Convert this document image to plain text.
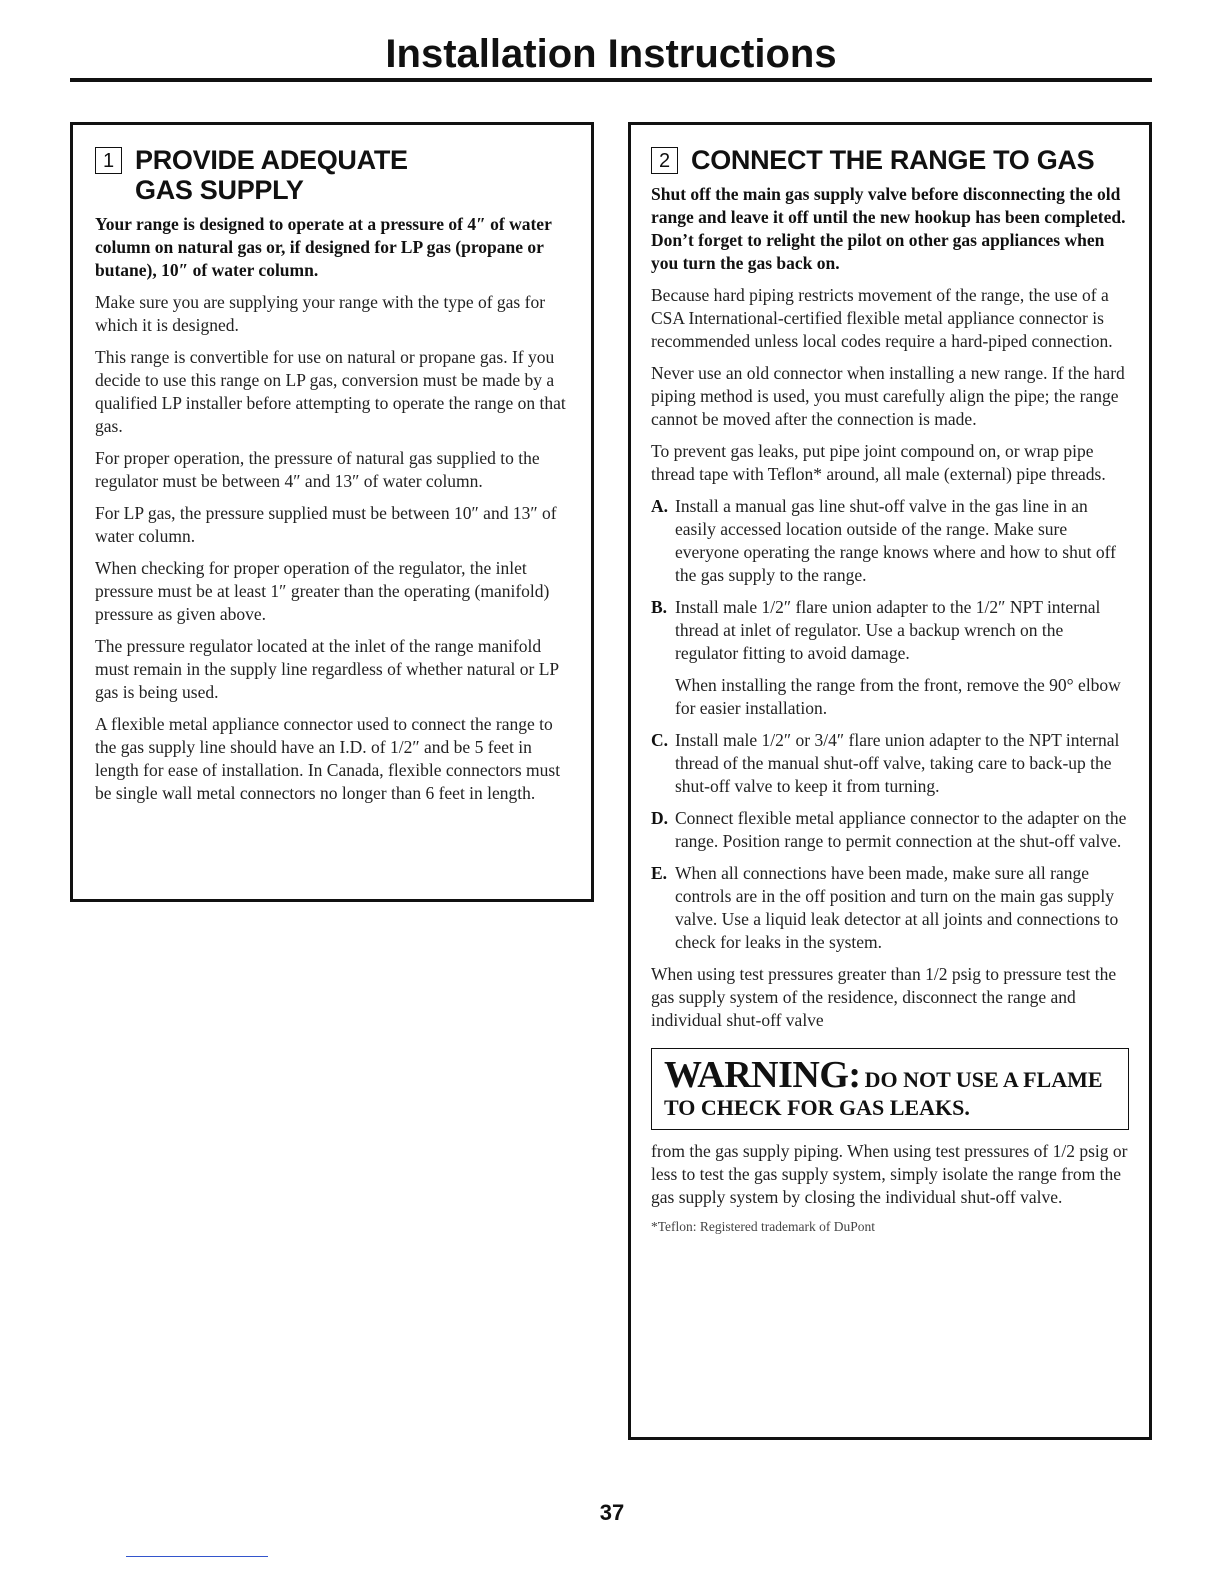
Installation Instructions
1 PROVIDE ADEQUATE
GAS SUPPLY

Your range is designed to operate at a pressure of 4″ of water column on natural gas or, if designed for LP gas (propane or butane), 10″ of water column.

Make sure you are supplying your range with the type of gas for which it is designed.

This range is convertible for use on natural or propane gas. If you decide to use this range on LP gas, conversion must be made by a qualified LP installer before attempting to operate the range on that gas.

For proper operation, the pressure of natural gas supplied to the regulator must be between 4″ and 13″ of water column.

For LP gas, the pressure supplied must be between 10″ and 13″ of water column.

When checking for proper operation of the regulator, the inlet pressure must be at least 1″ greater than the operating (manifold) pressure as given above.

The pressure regulator located at the inlet of the range manifold must remain in the supply line regardless of whether natural or LP gas is being used.

A flexible metal appliance connector used to connect the range to the gas supply line should have an I.D. of 1/2″ and be 5 feet in length for ease of installation. In Canada, flexible connectors must be single wall metal connectors no longer than 6 feet in length.

2 CONNECT THE RANGE TO GAS

Shut off the main gas supply valve before disconnecting the old range and leave it off until the new hookup has been completed. Don’t forget to relight the pilot on other gas appliances when you turn the gas back on.

Because hard piping restricts movement of the range, the use of a CSA International-certified flexible metal appliance connector is recommended unless local codes require a hard-piped connection.

Never use an old connector when installing a new range. If the hard piping method is used, you must carefully align the pipe; the range cannot be moved after the connection is made.

To prevent gas leaks, put pipe joint compound on, or wrap pipe thread tape with Teflon* around, all male (external) pipe threads.

A. Install a manual gas line shut-off valve in the gas line in an easily accessed location outside of the range. Make sure everyone operating the range knows where and how to shut off the gas supply to the range.
B. Install male 1/2″ flare union adapter to the 1/2″ NPT internal thread at inlet of regulator. Use a backup wrench on the regulator fitting to avoid damage.
When installing the range from the front, remove the 90° elbow for easier installation.
C. Install male 1/2″ or 3/4″ flare union adapter to the NPT internal thread of the manual shut-off valve, taking care to back-up the shut-off valve to keep it from turning.
D. Connect flexible metal appliance connector to the adapter on the range. Position range to permit connection at the shut-off valve.
E. When all connections have been made, make sure all range controls are in the off position and turn on the main gas supply valve. Use a liquid leak detector at all joints and connections to check for leaks in the system.

When using test pressures greater than 1/2 psig to pressure test the gas supply system of the residence, disconnect the range and individual shut-off valve

WARNING: DO NOT USE A FLAME
TO CHECK FOR GAS LEAKS.

from the gas supply piping. When using test pressures of 1/2 psig or less to test the gas supply system, simply isolate the range from the gas supply system by closing the individual shut-off valve.

*Teflon: Registered trademark of DuPont

37
